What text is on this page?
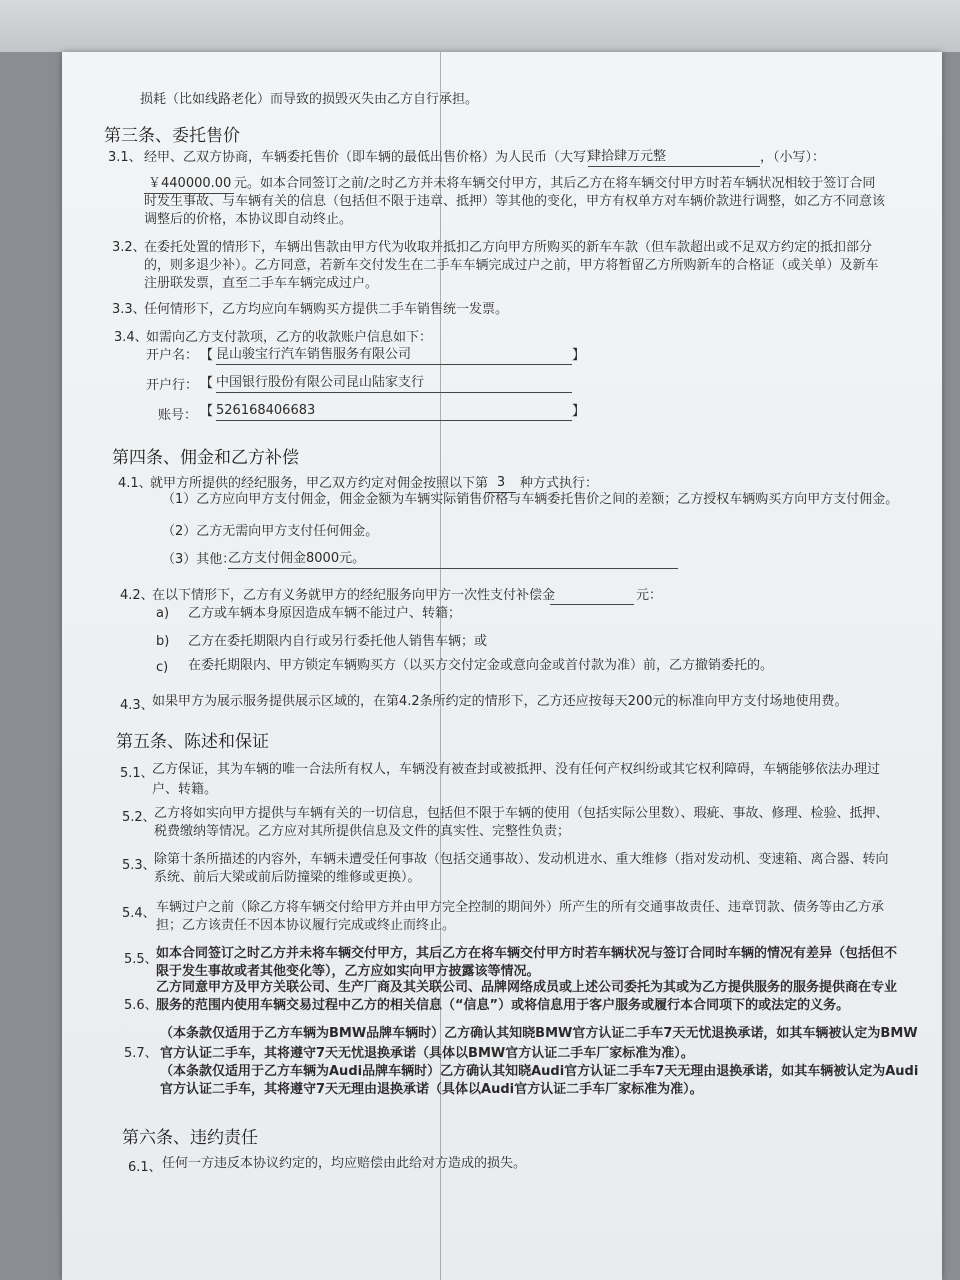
损耗（比如线路老化）而导致的损毁灭失由乙方自行承担。
第三条、委托售价
3.1、 经甲、乙双方协商，车辆委托售价（即车辆的最低出售价格）为人民币（大写）
肆拾肆万元整	，（小写）：
￥440000.00 元。如本合同签订之前/之时乙方并未将车辆交付甲方，其后乙方在将车辆交付甲方时若车辆状况相较于签订合同
时发生事故、与车辆有关的信息（包括但不限于违章、抵押）等其他的变化，甲方有权单方对车辆价款进行调整，如乙方不同意该
调整后的价格，本协议即自动终止。
3.2、
在委托处置的情形下，车辆出售款由甲方代为收取并抵扣乙方向甲方所购买的新车车款（但车款超出或不足双方约定的抵扣部分
的，则多退少补）。乙方同意，若新车交付发生在二手车车辆完成过户之前，甲方将暂留乙方所购新车的合格证（或关单）及新车
注册联发票，直至二手车车辆完成过户。
3.3、
任何情形下，乙方均应向车辆购买方提供二手车销售统一发票。
3.4、
如需向乙方支付款项，乙方的收款账户信息如下：
开户名： 【 昆山骏宝行汽车销售服务有限公司	】
开户行： 【 中国银行股份有限公司昆山陆家支行
账号： 【 526168406683	】
第四条、佣金和乙方补偿
4.1、
就甲方所提供的经纪服务，甲乙双方约定对佣金按照以下第 3	种方式执行：
（1）乙方应向甲方支付佣金，佣金金额为车辆实际销售价格与车辆委托售价之间的差额；乙方授权车辆购买方向甲方支付佣金。
（2）乙方无需向甲方支付任何佣金。
（3）其他：
乙方支付佣金8000元。
4.2、
在以下情形下，乙方有义务就甲方的经纪服务向甲方一次性支付补偿金	元：
a) 乙方或车辆本身原因造成车辆不能过户、转籍；
b) 乙方在委托期限内自行或另行委托他人销售车辆；或
c) 在委托期限内、甲方锁定车辆购买方（以买方交付定金或意向金或首付款为准）前，乙方撤销委托的。
4.3、
如果甲方为展示服务提供展示区域的，在第4.2条所约定的情形下，乙方还应按每天200元的标准向甲方支付场地使用费。
第五条、陈述和保证
5.1、
乙方保证，其为车辆的唯一合法所有权人，车辆没有被查封或被抵押、没有任何产权纠纷或其它权利障碍，车辆能够依法办理过
户、转籍。
5.2、
乙方将如实向甲方提供与车辆有关的一切信息，包括但不限于车辆的使用（包括实际公里数）、瑕疵、事故、修理、检验、抵押、
税费缴纳等情况。乙方应对其所提供信息及文件的真实性、完整性负责；
5.3、
除第十条所描述的内容外，车辆未遭受任何事故（包括交通事故）、发动机进水、重大维修（指对发动机、变速箱、离合器、转向
系统、前后大梁或前后防撞梁的维修或更换）。
5.4、 车辆过户之前（除乙方将车辆交付给甲方并由甲方完全控制的期间外）所产生的所有交通事故责任、违章罚款、债务等由乙方承
担；乙方该责任不因本协议履行完成或终止而终止。
5.5、
如本合同签订之时乙方并未将车辆交付甲方，其后乙方在将车辆交付甲方时若车辆状况与签订合同时车辆的情况有差异（包括但不
限于发生事故或者其他变化等），乙方应如实向甲方披露该等情况。
5.6、
乙方同意甲方及甲方关联公司、生产厂商及其关联公司、品牌网络成员或上述公司委托为其或为乙方提供服务的服务提供商在专业
服务的范围内使用车辆交易过程中乙方的相关信息（“信息”）或将信息用于客户服务或履行本合同项下的或法定的义务。
5.7、
（本条款仅适用于乙方车辆为BMW品牌车辆时）乙方确认其知晓BMW官方认证二手车7天无忧退换承诺，如其车辆被认定为BMW
官方认证二手车，其将遵守7天无忧退换承诺（具体以BMW官方认证二手车厂家标准为准）。
（本条款仅适用于乙方车辆为Audi品牌车辆时）乙方确认其知晓Audi官方认证二手车7天无理由退换承诺，如其车辆被认定为Audi
官方认证二手车，其将遵守7天无理由退换承诺（具体以Audi官方认证二手车厂家标准为准）。
第六条、违约责任
6.1、 任何一方违反本协议约定的，均应赔偿由此给对方造成的损失。
